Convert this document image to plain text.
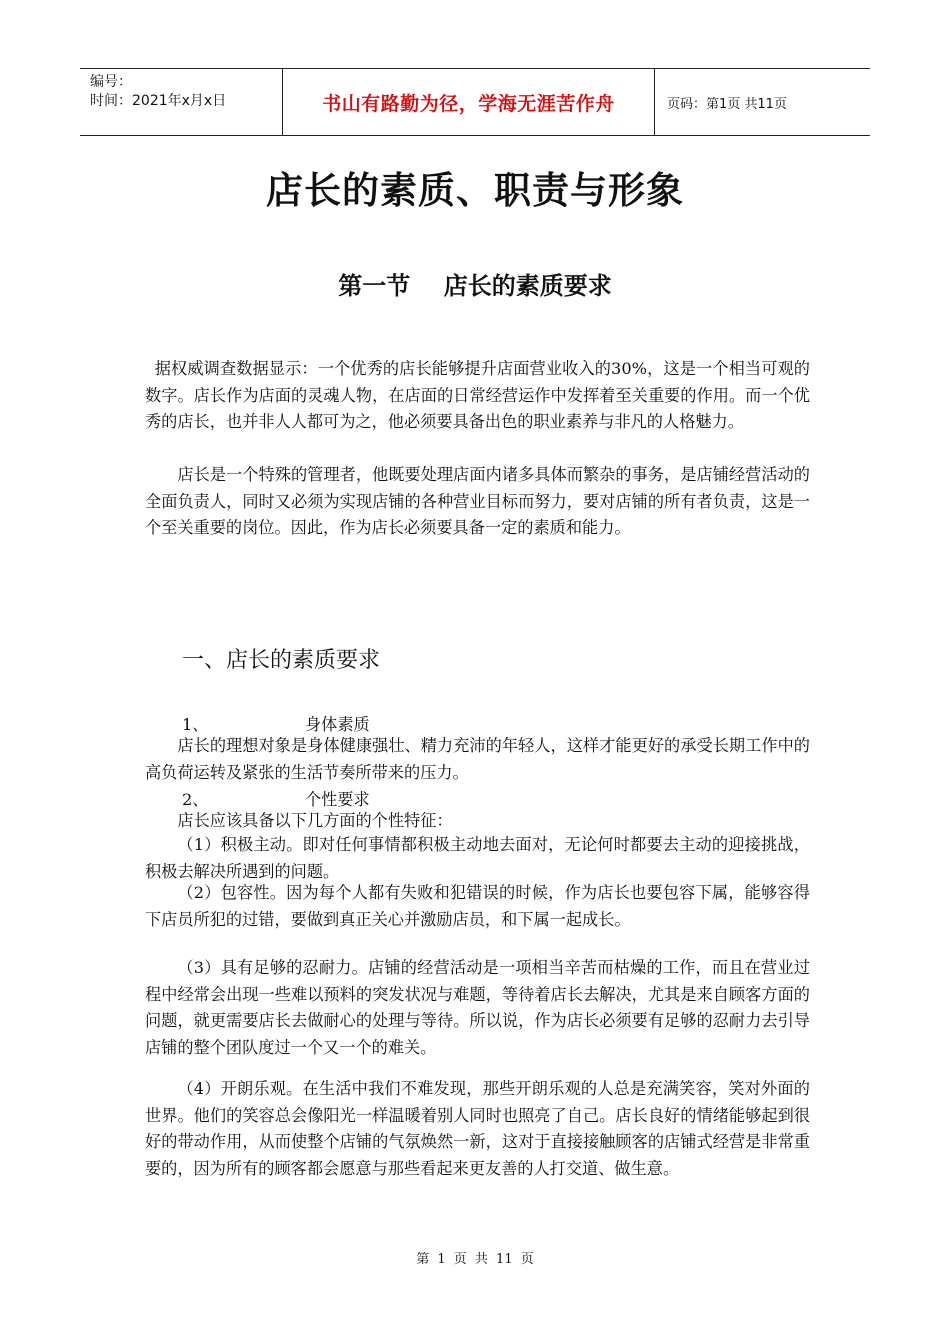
编号：
时间：2021年x月x日	书山有路勤为径，学海无涯苦作舟	页码：第1页 共11页
店长的素质、职责与形象
第一节    店长的素质要求

据权威调查数据显示：一个优秀的店长能够提升店面营业收入的30%，这是一个相当可观的数字。店长作为店面的灵魂人物，在店面的日常经营运作中发挥着至关重要的作用。而一个优秀的店长，也并非人人都可为之，他必须要具备出色的职业素养与非凡的人格魅力。

店长是一个特殊的管理者，他既要处理店面内诸多具体而繁杂的事务，是店铺经营活动的全面负责人，同时又必须为实现店铺的各种营业目标而努力，要对店铺的所有者负责，这是一个至关重要的岗位。因此，作为店长必须要具备一定的素质和能力。

一、店长的素质要求
1、	身体素质

店长的理想对象是身体健康强壮、精力充沛的年轻人，这样才能更好的承受长期工作中的高负荷运转及紧张的生活节奏所带来的压力。

2、	个性要求

店长应该具备以下几方面的个性特征：

（1）积极主动。即对任何事情都积极主动地去面对，无论何时都要去主动的迎接挑战，积极去解决所遇到的问题。

（2）包容性。因为每个人都有失败和犯错误的时候，作为店长也要包容下属，能够容得下店员所犯的过错，要做到真正关心并激励店员，和下属一起成长。

（3）具有足够的忍耐力。店铺的经营活动是一项相当辛苦而枯燥的工作，而且在营业过程中经常会出现一些难以预料的突发状况与难题，等待着店长去解决，尤其是来自顾客方面的问题，就更需要店长去做耐心的处理与等待。所以说，作为店长必须要有足够的忍耐力去引导店铺的整个团队度过一个又一个的难关。

（4）开朗乐观。在生活中我们不难发现，那些开朗乐观的人总是充满笑容，笑对外面的世界。他们的笑容总会像阳光一样温暖着别人同时也照亮了自己。店长良好的情绪能够起到很好的带动作用，从而使整个店铺的气氛焕然一新，这对于直接接触顾客的店铺式经营是非常重要的，因为所有的顾客都会愿意与那些看起来更友善的人打交道、做生意。

第 1 页 共 11 页
